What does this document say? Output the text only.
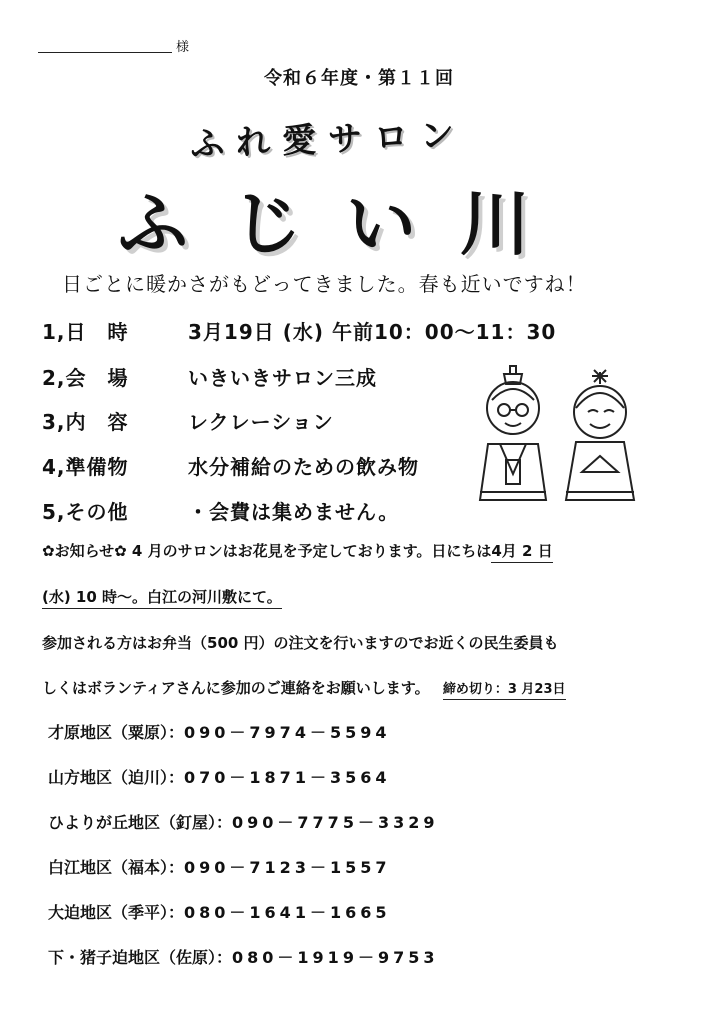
様
令和６年度・第１１回
ふれ愛サロン
ふじい川
日ごとに暖かさがもどってきました。春も近いですね！
1,日　時	3月19日 (水) 午前10：00～11：30
2,会　場	いきいきサロン三成
3,内　容	レクレーション
4,準備物	水分補給のための飲み物
5,その他	・会費は集めません。
✿お知らせ✿ 4 月のサロンはお花見を予定しております。日にちは4月 2 日
(水) 10 時～。白江の河川敷にて。
参加される方はお弁当（500 円）の注文を行いますのでお近くの民生委員も
しくはボランティアさんに参加のご連絡をお願いします。 締め切り：3 月23日
才原地区（粟原）：090－7974－5594
山方地区（迫川）：070－1871－3564
ひよりが丘地区（釘屋）：090－7775－3329
白江地区（福本）：090－7123－1557
大迫地区（季平）：080－1641－1665
下・猪子迫地区（佐原）：080－1919－9753
